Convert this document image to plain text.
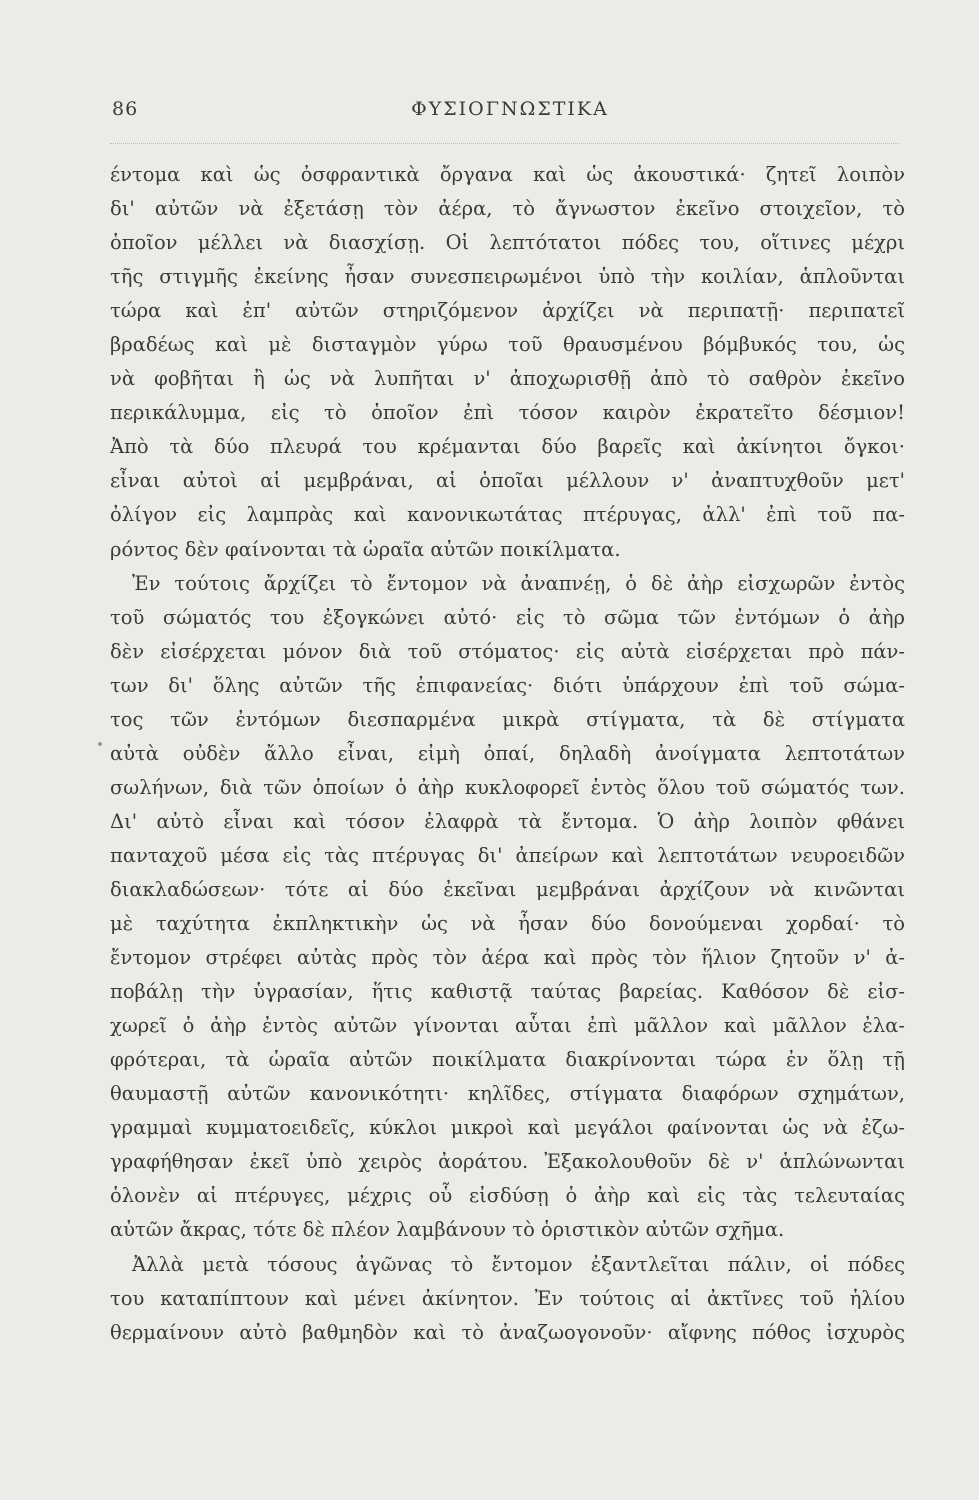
86	ΦΥΣΙΟΓΝΩΣΤΙΚΑ
έντομα καὶ ὡς ὀσφραντικὰ ὄργανα καὶ ὡς ἀκουστικά· ζητεῖ λοιπὸν
δι' αὐτῶν νὰ ἐξετάσῃ τὸν ἀέρα, τὸ ἄγνωστον ἐκεῖνο στοιχεῖον, τὸ
ὁποῖον μέλλει νὰ διασχίσῃ. Οἱ λεπτότατοι πόδες του, οἵτινες μέχρι
τῆς στιγμῆς ἐκείνης ἦσαν συνεσπειρωμένοι ὑπὸ τὴν κοιλίαν, ἁπλοῦνται
τώρα καὶ ἐπ' αὐτῶν στηριζόμενον ἀρχίζει νὰ περιπατῇ· περιπατεῖ
βραδέως καὶ μὲ δισταγμὸν γύρω τοῦ θραυσμένου βόμβυκός του, ὡς
νὰ φοβῆται ἢ ὡς νὰ λυπῆται ν' ἀποχωρισθῇ ἀπὸ τὸ σαθρὸν ἐκεῖνο
περικάλυμμα, εἰς τὸ ὁποῖον ἐπὶ τόσον καιρὸν ἐκρατεῖτο δέσμιον!
Ἀπὸ τὰ δύο πλευρά του κρέμανται δύο βαρεῖς καὶ ἀκίνητοι ὄγκοι·
εἶναι αὐτοὶ αἱ μεμβράναι, αἱ ὁποῖαι μέλλουν ν' ἀναπτυχθοῦν μετ'
ὀλίγον εἰς λαμπρὰς καὶ κανονικωτάτας πτέρυγας, ἀλλ' ἐπὶ τοῦ πα-
ρόντος δὲν φαίνονται τὰ ὡραῖα αὐτῶν ποικίλματα.
Ἐν τούτοις ἄρχίζει τὸ ἔντομον νὰ ἀναπνέῃ, ὁ δὲ ἀὴρ εἰσχωρῶν ἐντὸς
τοῦ σώματός του ἐξογκώνει αὐτό· εἰς τὸ σῶμα τῶν ἐντόμων ὁ ἀὴρ
δὲν εἰσέρχεται μόνον διὰ τοῦ στόματος· εἰς αὐτὰ εἰσέρχεται πρὸ πάν-
των δι' ὅλης αὐτῶν τῆς ἐπιφανείας· διότι ὑπάρχουν ἐπὶ τοῦ σώμα-
τος τῶν ἐντόμων διεσπαρμένα μικρὰ στίγματα, τὰ δὲ στίγματα
αὐτὰ οὐδὲν ἄλλο εἶναι, εἰμὴ ὀπαί, δηλαδὴ ἀνοίγματα λεπτοτάτων
σωλήνων, διὰ τῶν ὁποίων ὁ ἀὴρ κυκλοφορεῖ ἐντὸς ὅλου τοῦ σώματός των.
Δι' αὐτὸ εἶναι καὶ τόσον ἐλαφρὰ τὰ ἔντομα. Ὁ ἀὴρ λοιπὸν φθάνει
πανταχοῦ μέσα εἰς τὰς πτέρυγας δι' ἀπείρων καὶ λεπτοτάτων νευροειδῶν
διακλαδώσεων· τότε αἱ δύο ἐκεῖναι μεμβράναι ἀρχίζουν νὰ κινῶνται
μὲ ταχύτητα ἐκπληκτικὴν ὡς νὰ ἦσαν δύο δονούμεναι χορδαί· τὸ
ἔντομον στρέφει αὐτὰς πρὸς τὸν ἀέρα καὶ πρὸς τὸν ἥλιον ζητοῦν ν' ἀ-
ποβάλῃ τὴν ὑγρασίαν, ἥτις καθιστᾷ ταύτας βαρείας. Καθόσον δὲ εἰσ-
χωρεῖ ὁ ἀὴρ ἐντὸς αὐτῶν γίνονται αὗται ἐπὶ μᾶλλον καὶ μᾶλλον ἐλα-
φρότεραι, τὰ ὡραῖα αὐτῶν ποικίλματα διακρίνονται τώρα ἐν ὅλῃ τῇ
θαυμαστῇ αὐτῶν κανονικότητι· κηλῖδες, στίγματα διαφόρων σχημάτων,
γραμμαὶ κυμματοειδεῖς, κύκλοι μικροὶ καὶ μεγάλοι φαίνονται ὡς νὰ ἐζω-
γραφήθησαν ἐκεῖ ὑπὸ χειρὸς ἀοράτου. Ἐξακολουθοῦν δὲ ν' ἁπλώνωνται
ὁλονὲν αἱ πτέρυγες, μέχρις οὗ εἰσδύσῃ ὁ ἀὴρ καὶ εἰς τὰς τελευταίας
αὐτῶν ἄκρας, τότε δὲ πλέον λαμβάνουν τὸ ὁριστικὸν αὐτῶν σχῆμα.
Ἀλλὰ μετὰ τόσους ἀγῶνας τὸ ἔντομον ἐξαντλεῖται πάλιν, οἱ πόδες
του καταπίπτουν καὶ μένει ἀκίνητον. Ἐν τούτοις αἱ ἀκτῖνες τοῦ ἡλίου
θερμαίνουν αὐτὸ βαθμηδὸν καὶ τὸ ἀναζωογονοῦν· αἴφνης πόθος ἰσχυρὸς
